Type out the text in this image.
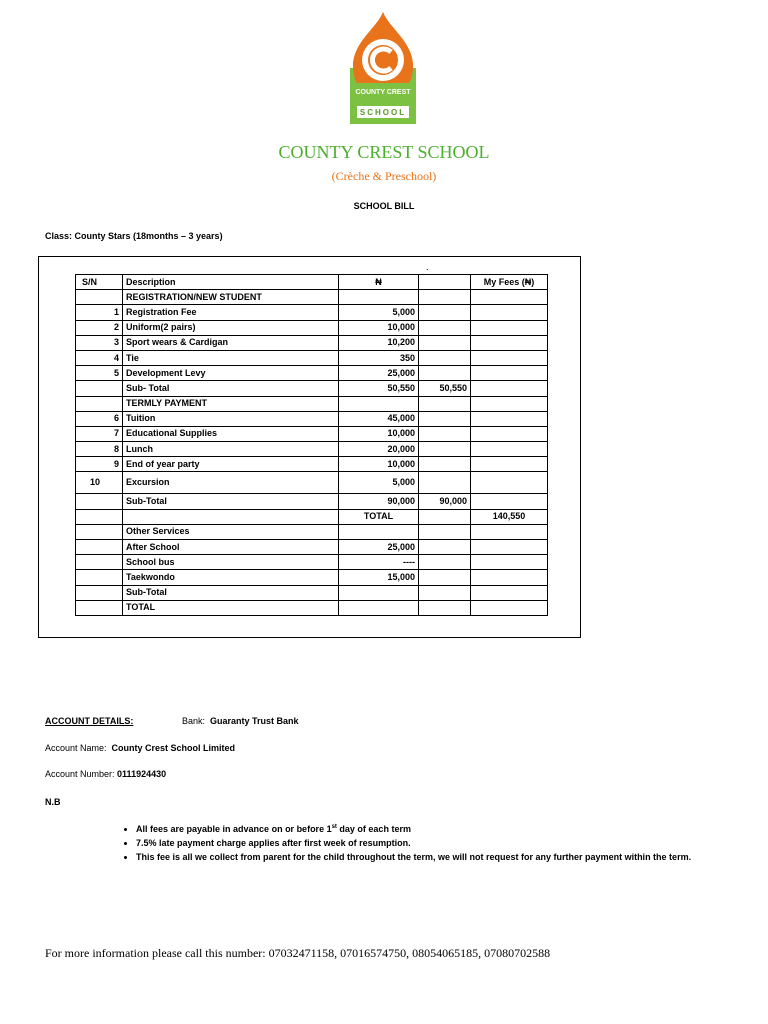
COUNTY CREST
SCHOOL
COUNTY CREST SCHOOL
(Crèche & Preschool)
SCHOOL BILL
Class: County Stars (18months – 3 years)
.
S/N	Description	₦		My Fees (₦)
	REGISTRATION/NEW STUDENT			
1	Registration Fee	5,000		
2	Uniform(2 pairs)	10,000		
3	Sport wears & Cardigan	10,200		
4	Tie	350		
5	Development Levy	25,000		
	Sub- Total	50,550	50,550	
	TERMLY PAYMENT			
6	Tuition	45,000		
7	Educational Supplies	10,000		
8	Lunch	20,000		
9	End of year party	10,000		
10	Excursion	5,000		
	Sub-Total	90,000	90,000	
		TOTAL		140,550
	Other Services			
	After School	25,000		
	School bus	----		
	Taekwondo	15,000		
	Sub-Total			
	TOTAL			
ACCOUNT DETAILS:	Bank: Guaranty Trust Bank
Account Name: County Crest School Limited
Account Number: 0111924430
N.B
• All fees are payable in advance on or before 1st day of each term
• 7.5% late payment charge applies after first week of resumption.
• This fee is all we collect from parent for the child throughout the term, we will not request for any further payment within the term.
For more information please call this number: 07032471158, 07016574750, 08054065185, 07080702588
